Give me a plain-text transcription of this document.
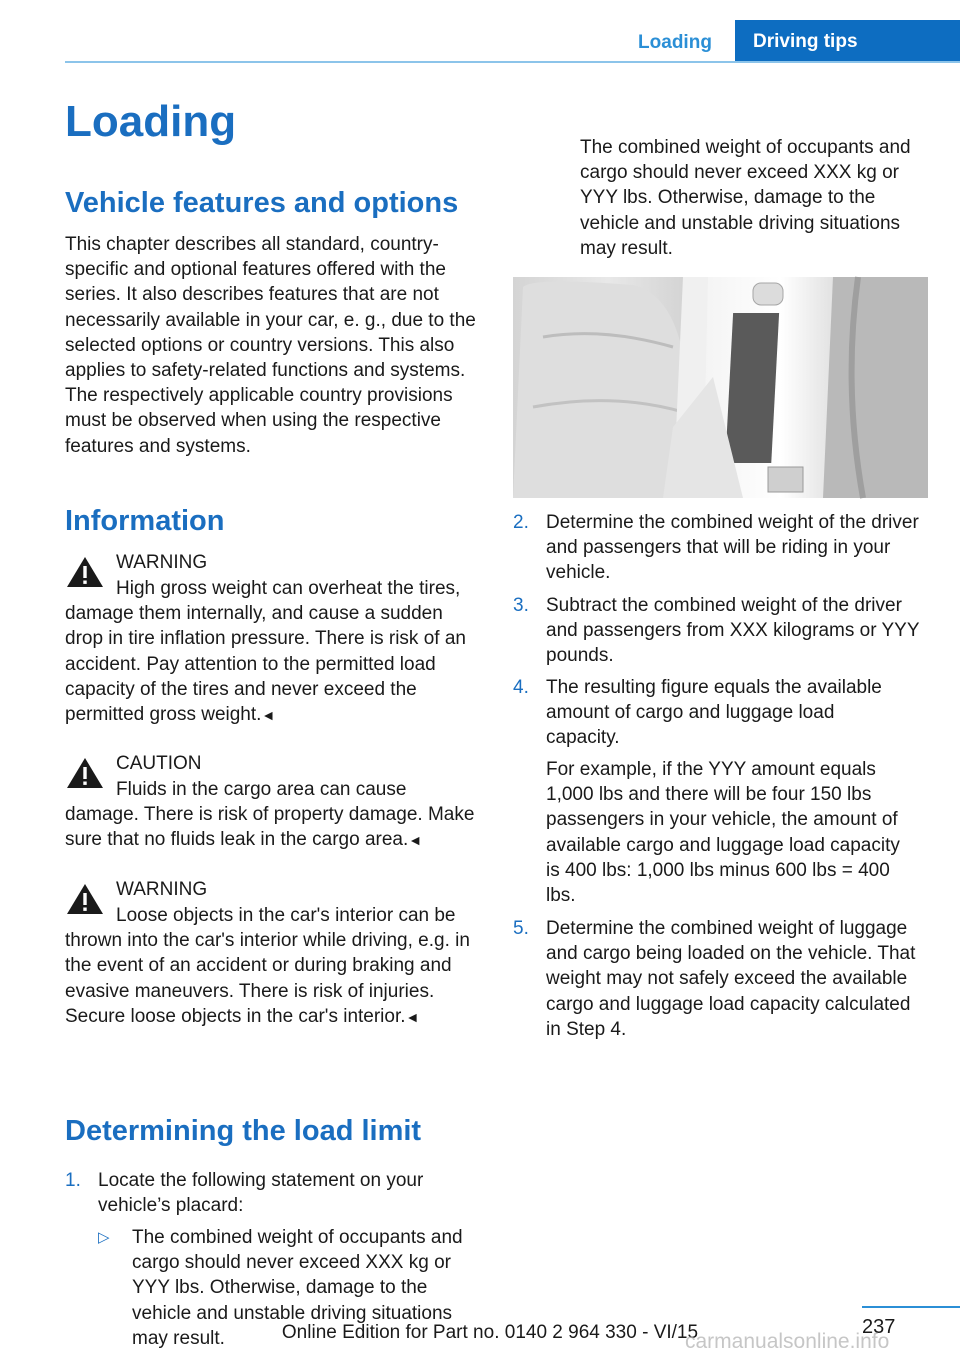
Loading	Driving tips
Loading
Vehicle features and options

This chapter describes all standard, country-specific and optional features offered with the series. It also describes features that are not necessarily available in your car, e. g., due to the selected options or country versions. This also applies to safety-related functions and systems. The respectively applicable country provisions must be observed when using the respective features and systems.

Information

WARNING

High gross weight can overheat the tires, damage them internally, and cause a sudden drop in tire inflation pressure. There is risk of an accident. Pay attention to the permitted load capacity of the tires and never exceed the permitted gross weight.◄

CAUTION

Fluids in the cargo area can cause damage. There is risk of property damage. Make sure that no fluids leak in the cargo area.◄

WARNING

Loose objects in the car's interior can be thrown into the car's interior while driving, e.g. in the event of an accident or during braking and evasive maneuvers. There is risk of injuries. Secure loose objects in the car's interior.◄

Determining the load limit
1. Locate the following statement on your vehicle’s placard:

▷ The combined weight of occupants and cargo should never exceed XXX kg or YYY lbs. Otherwise, damage to the vehicle and unstable driving situations may result.

The combined weight of occupants and cargo should never exceed XXX kg or YYY lbs. Otherwise, damage to the vehicle and unstable driving situations may result.

2. Determine the combined weight of the driver and passengers that will be riding in your vehicle.

3. Subtract the combined weight of the driver and passengers from XXX kilograms or YYY pounds.

4. The resulting figure equals the available amount of cargo and luggage load capacity.

For example, if the YYY amount equals 1,000 lbs and there will be four 150 lbs passengers in your vehicle, the amount of available cargo and luggage load capacity is 400 lbs: 1,000 lbs minus 600 lbs = 400 lbs.

5. Determine the combined weight of luggage and cargo being loaded on the vehicle. That weight may not safely exceed the available cargo and luggage load capacity calculated in Step 4.

237
Online Edition for Part no. 0140 2 964 330 - VI/15
carmanualsonline.info
